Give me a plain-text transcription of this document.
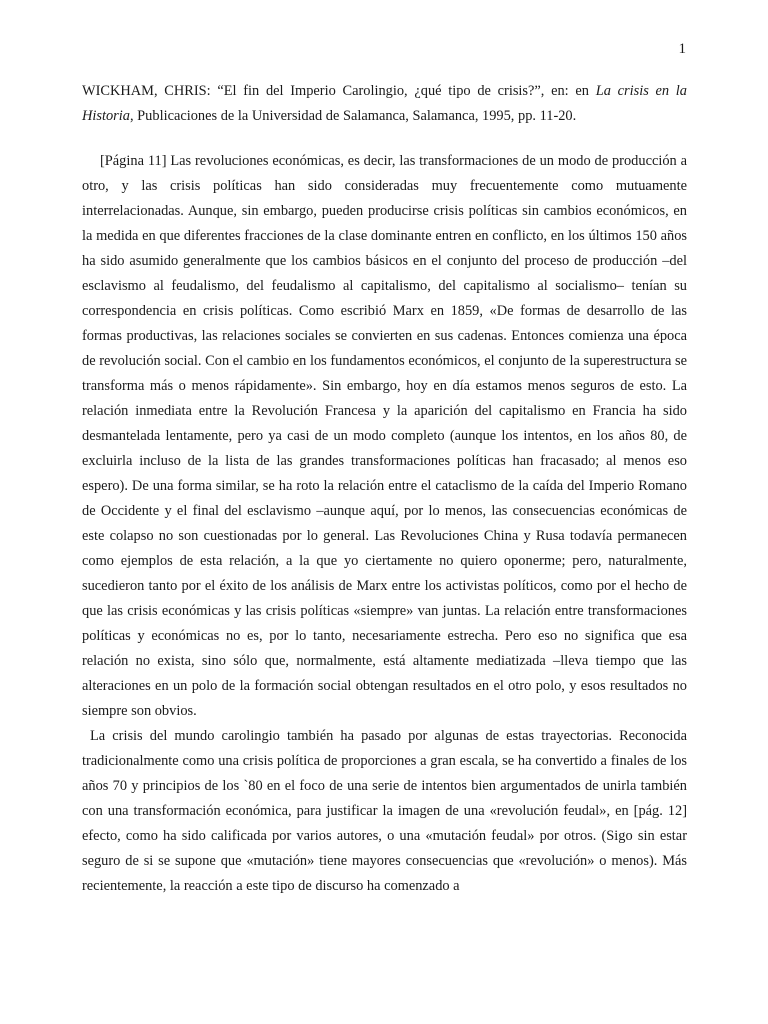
1

WICKHAM, CHRIS: “El fin del Imperio Carolingio, ¿qué tipo de crisis?”, en: en La crisis en la Historia, Publicaciones de la Universidad de Salamanca, Salamanca, 1995, pp. 11-20.

[Página 11] Las revoluciones económicas, es decir, las transformaciones de un modo de producción a otro, y las crisis políticas han sido consideradas muy frecuentemente como mutuamente interrelacionadas. Aunque, sin embargo, pueden producirse crisis políticas sin cambios económicos, en la medida en que diferentes fracciones de la clase dominante entren en conflicto, en los últimos 150 años ha sido asumido generalmente que los cambios básicos en el conjunto del proceso de producción –del esclavismo al feudalismo, del feudalismo al capitalismo, del capitalismo al socialismo– tenían su correspondencia en crisis políticas. Como escribió Marx en 1859, «De formas de desarrollo de las formas productivas, las relaciones sociales se convierten en sus cadenas. Entonces comienza una época de revolución social. Con el cambio en los fundamentos económicos, el conjunto de la superestructura se transforma más o menos rápidamente». Sin embargo, hoy en día estamos menos seguros de esto. La relación inmediata entre la Revolución Francesa y la aparición del capitalismo en Francia ha sido desmantelada lentamente, pero ya casi de un modo completo (aunque los intentos, en los años 80, de excluirla incluso de la lista de las grandes transformaciones políticas han fracasado; al menos eso espero). De una forma similar, se ha roto la relación entre el cataclismo de la caída del Imperio Romano de Occidente y el final del esclavismo –aunque aquí, por lo menos, las consecuencias económicas de este colapso no son cuestionadas por lo general. Las Revoluciones China y Rusa todavía permanecen como ejemplos de esta relación, a la que yo ciertamente no quiero oponerme; pero, naturalmente, sucedieron tanto por el éxito de los análisis de Marx entre los activistas políticos, como por el hecho de que las crisis económicas y las crisis políticas «siempre» van juntas. La relación entre transformaciones políticas y económicas no es, por lo tanto, necesariamente estrecha. Pero eso no significa que esa relación no exista, sino sólo que, normalmente, está altamente mediatizada –lleva tiempo que las alteraciones en un polo de la formación social obtengan resultados en el otro polo, y esos resultados no siempre son obvios.

La crisis del mundo carolingio también ha pasado por algunas de estas trayectorias. Reconocida tradicionalmente como una crisis política de proporciones a gran escala, se ha convertido a finales de los años 70 y principios de los `80 en el foco de una serie de intentos bien argumentados de unirla también con una transformación económica, para justificar la imagen de una «revolución feudal», en [pág. 12] efecto, como ha sido calificada por varios autores, o una «mutación feudal» por otros. (Sigo sin estar seguro de si se supone que «mutación» tiene mayores consecuencias que «revolución» o menos). Más recientemente, la reacción a este tipo de discurso ha comenzado a
